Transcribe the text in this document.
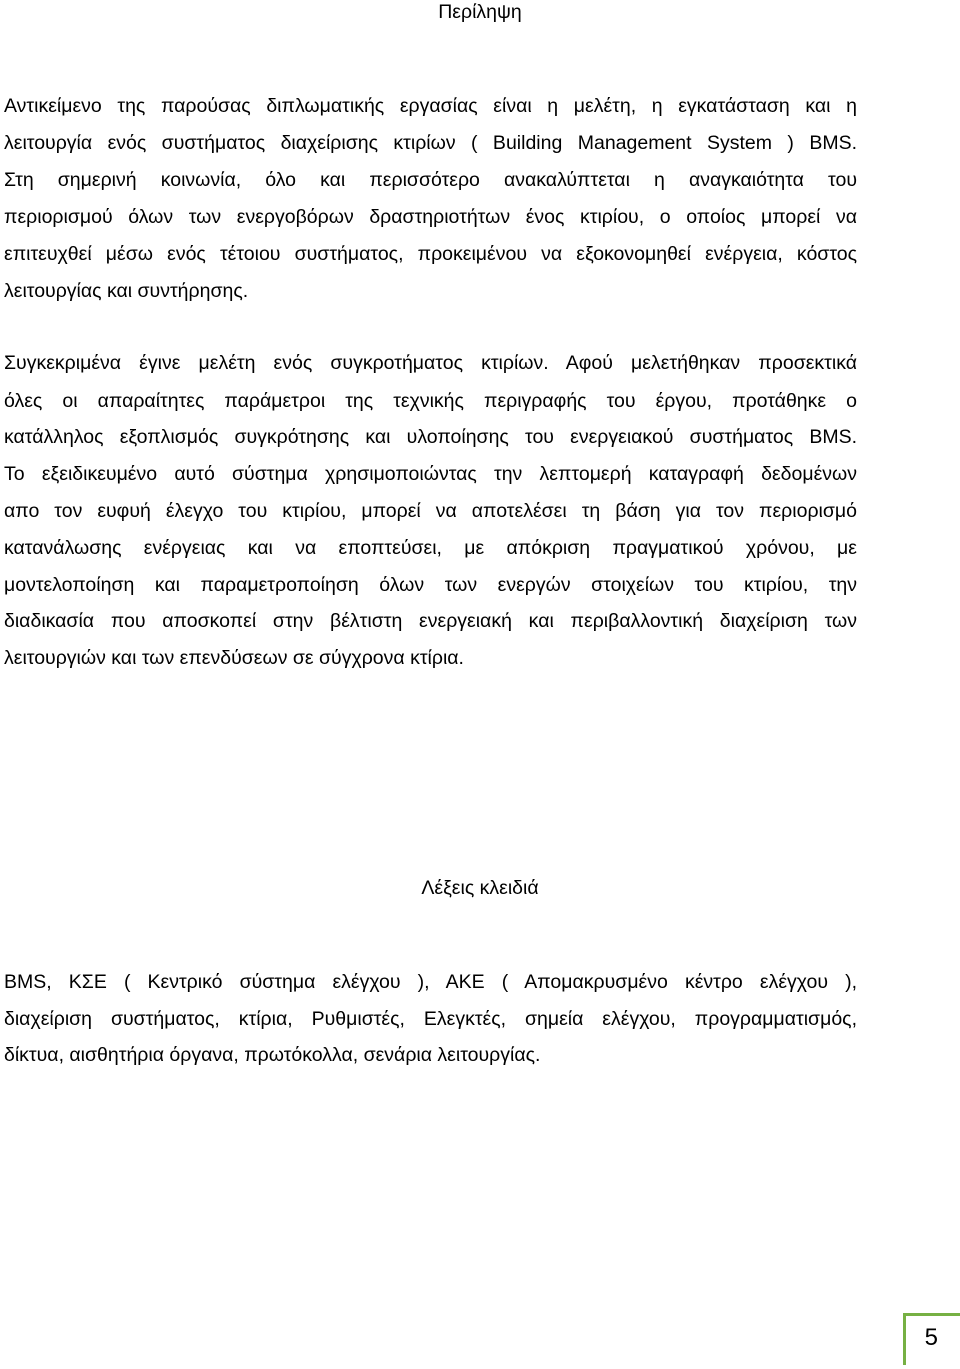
Περίληψη

Αντικείμενο της παρούσας διπλωματικής εργασίας είναι η μελέτη, η εγκατάσταση και η

λειτουργία ενός συστήματος διαχείρισης κτιρίων ( Building Management System ) BMS.

Στη σημερινή κοινωνία, όλο και περισσότερο ανακαλύπτεται η αναγκαιότητα του

περιορισμού όλων των ενεργοβόρων δραστηριοτήτων ένος κτιρίου, ο οποίος μπορεί να

επιτευχθεί μέσω ενός τέτοιου συστήματος, προκειμένου να εξοκονομηθεί ενέργεια, κόστος

λειτουργίας και συντήρησης.

Συγκεκριμένα έγινε μελέτη ενός συγκροτήματος κτιρίων. Αφού μελετήθηκαν προσεκτικά

όλες οι απαραίτητες παράμετροι της τεχνικής περιγραφής του έργου, προτάθηκε ο

κατάλληλος εξοπλισμός συγκρότησης και υλοποίησης του ενεργειακού συστήματος BMS.

Το εξειδικευμένο αυτό σύστημα χρησιμοποιώντας την λεπτομερή καταγραφή δεδομένων

απο τον ευφυή έλεγχο του κτιρίου, μπορεί να αποτελέσει τη βάση για τον περιορισμό

κατανάλωσης ενέργειας και να εποπτεύσει, με απόκριση πραγματικού χρόνου, με

μοντελοποίηση και παραμετροποίηση όλων των ενεργών στοιχείων του κτιρίου, την

διαδικασία που αποσκοπεί στην βέλτιστη ενεργειακή και περιβαλλοντική διαχείριση των

λειτουργιών και των επενδύσεων σε σύγχρονα κτίρια.

Λέξεις κλειδιά

BMS, ΚΣΕ ( Κεντρικό σύστημα ελέγχου ), ΑΚΕ ( Απομακρυσμένο κέντρο ελέγχου ),

διαχείριση συστήματος, κτίρια, Ρυθμιστές, Ελεγκτές, σημεία ελέγχου, προγραμματισμός,

δίκτυα, αισθητήρια όργανα, πρωτόκολλα, σενάρια λειτουργίας.

5
